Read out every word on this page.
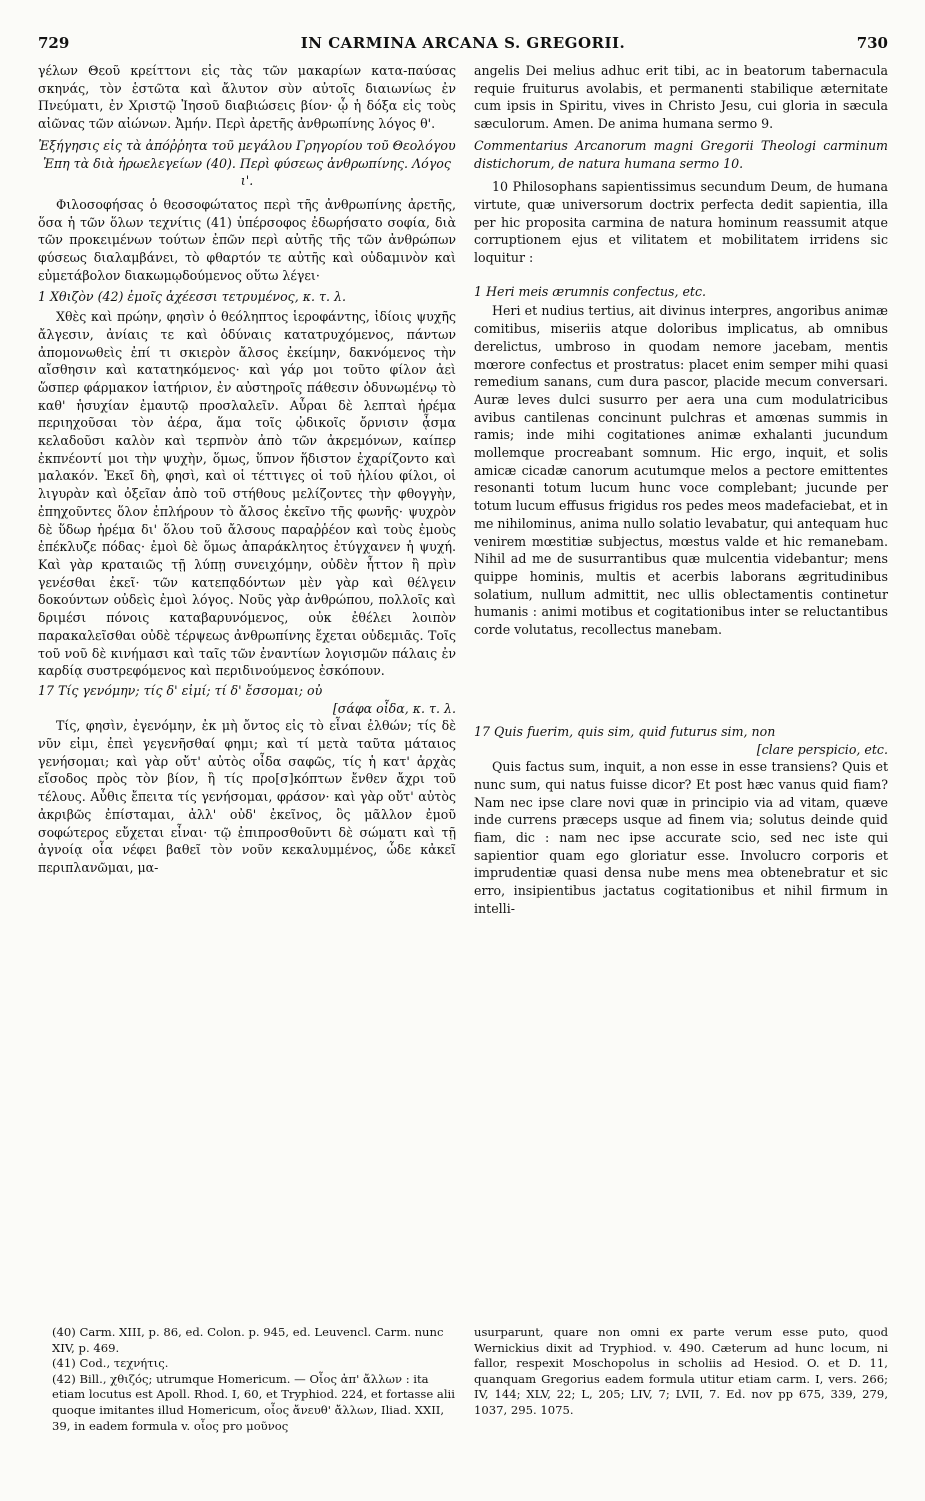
IN CARMINA ARCANA S. GREGORII.
729	730

γέλων Θεοῦ κρείττονι εἰς τὰς τῶν μακαρίων κατα-παύσας σκηνάς, τὸν ἑστῶτα καὶ ἄλυτον σὺν αὐτοῖς διαιωνίως ἐν Πνεύματι, ἐν Χριστῷ Ἰησοῦ διαβιώσεις βίον· ᾧ ἡ δόξα εἰς τοὺς αἰῶνας τῶν αἰώνων. Ἀμήν. Περὶ ἀρετῆς ἀνθρωπίνης λόγος θ'.

Ἐξήγησις εἰς τὰ ἀπόῤῥητα τοῦ μεγάλου Γρηγορίου τοῦ Θεολόγου Ἐπη τὰ διὰ ἡρωελεγείων (40). Περὶ φύσεως ἀνθρωπίνης. Λόγος ι'.

Φιλοσοφήσας ὁ θεοσοφώτατος περὶ τῆς ἀνθρωπίνης ἀρετῆς, ὅσα ἡ τῶν ὅλων τεχνίτις (41) ὑπέρσοφος ἐδωρήσατο σοφία, διὰ τῶν προκειμένων τούτων ἐπῶν περὶ αὐτῆς τῆς τῶν ἀνθρώπων φύσεως διαλαμβάνει, τὸ φθαρτόν τε αὐτῆς καὶ οὐδαμινὸν καὶ εὐμετάβολον διακωμῳδούμενος οὕτω λέγει·

1 Χθιζὸν (42) ἐμοῖς ἀχέεσσι τετρυμένος, κ. τ. λ.

Χθὲς καὶ πρώην, φησὶν ὁ θεόληπτος ἱεροφάντης, ἰδίοις ψυχῆς ἄλγεσιν, ἀνίαις τε καὶ ὀδύναις κατατρυχόμενος, πάντων ἀπομονωθεὶς ἐπί τι σκιερὸν ἄλσος ἐκείμην, δακνόμενος τὴν αἴσθησιν καὶ κατατηκόμενος· καὶ γάρ μοι τοῦτο φίλον ἀεὶ ὥσπερ φάρμακον ἰατήριον, ἐν αὐστηροῖς πάθεσιν ὀδυνωμένῳ τὸ καθ' ἡσυχίαν ἐμαυτῷ προσλαλεῖν. Αὖραι δὲ λεπταὶ ἠρέμα περιηχοῦσαι τὸν ἀέρα, ἅμα τοῖς ᾠδικοῖς ὄρνισιν ᾆσμα κελαδοῦσι καλὸν καὶ τερπνὸν ἀπὸ τῶν ἀκρεμόνων, καίπερ ἐκπνέοντί μοι τὴν ψυχὴν, ὅμως, ὕπνον ἥδιστον ἐχαρίζοντο καὶ μαλακόν. Ἐκεῖ δὴ, φησὶ, καὶ οἱ τέττιγες οἱ τοῦ ἡλίου φίλοι, οἱ λιγυρὰν καὶ ὀξεῖαν ἀπὸ τοῦ στήθους μελίζοντες τὴν φθογγὴν, ἐπηχοῦντες ὅλον ἐπλήρουν τὸ ἄλσος ἐκεῖνο τῆς φωνῆς· ψυχρὸν δὲ ὕδωρ ἠρέμα δι' ὅλου τοῦ ἄλσους παραῤῥέον καὶ τοὺς ἐμοὺς ἐπέκλυζε πόδας· ἐμοὶ δὲ ὅμως ἀπαράκλητος ἐτύγχανεν ἡ ψυχή. Καὶ γὰρ κραταιῶς τῇ λύπῃ συνειχόμην, οὐδὲν ἧττον ἢ πρὶν γενέσθαι ἐκεῖ· τῶν κατεπᾳδόντων μὲν γὰρ καὶ θέλγειν δοκούντων οὐδεὶς ἐμοὶ λόγος. Νοῦς γὰρ ἀνθρώπου, πολλοῖς καὶ δριμέσι πόνοις καταβαρυνόμενος, οὐκ ἐθέλει λοιπὸν παρακαλεῖσθαι οὐδὲ τέρψεως ἀνθρωπίνης ἔχεται οὐδεμιᾶς. Τοῖς τοῦ νοῦ δὲ κινήμασι καὶ ταῖς τῶν ἐναντίων λογισμῶν πάλαις ἐν καρδίᾳ συστρεφόμενος καὶ περιδινούμενος ἐσκόπουν.

17 Τίς γενόμην; τίς δ' εἰμί; τί δ' ἔσσομαι; οὐ

[σάφα οἶδα, κ. τ. λ.

Τίς, φησὶν, ἐγενόμην, ἐκ μὴ ὄντος εἰς τὸ εἶναι ἐλθών; τίς δὲ νῦν εἰμι, ἐπεὶ γεγενῆσθαί φημι; καὶ τί μετὰ ταῦτα μάταιος γενήσομαι; καὶ γὰρ οὔτ' αὐτὸς οἶδα σαφῶς, τίς ἡ κατ' ἀρχὰς εἴσοδος πρὸς τὸν βίον, ἢ τίς προ[σ]κόπτων ἔνθεν ἄχρι τοῦ τέλους. Αὖθις ἔπειτα τίς γενήσομαι, φράσον· καὶ γὰρ οὔτ' αὐτὸς ἀκριβῶς ἐπίσταμαι, ἀλλ' οὐδ' ἐκεῖνος, ὃς μᾶλλον ἐμοῦ σοφώτερος εὔχεται εἶναι· τῷ ἐπιπροσθοῦντι δὲ σώματι καὶ τῇ ἀγνοίᾳ οἷα νέφει βαθεῖ τὸν νοῦν κεκαλυμμένος, ὧδε κἀκεῖ περιπλανῶμαι, μα-

angelis Dei melius adhuc erit tibi, ac in beatorum tabernacula requie fruiturus avolabis, et permanenti stabilique æternitate cum ipsis in Spiritu, vives in Christo Jesu, cui gloria in sæcula sæculorum. Amen. De anima humana sermo 9.

Commentarius Arcanorum magni Gregorii Theologi carminum distichorum, de natura humana sermo 10.

10 Philosophans sapientissimus secundum Deum, de humana virtute, quæ universorum doctrix perfecta dedit sapientia, illa per hic proposita carmina de natura hominum reassumit atque corruptionem ejus et vilitatem et mobilitatem irridens sic loquitur :

1 Heri meis ærumnis confectus, etc.

Heri et nudius tertius, ait divinus interpres, angoribus animæ comitibus, miseriis atque doloribus implicatus, ab omnibus derelictus, umbroso in quodam nemore jacebam, mentis mœrore confectus et prostratus: placet enim semper mihi quasi remedium sanans, cum dura pascor, placide mecum conversari. Auræ leves dulci susurro per aera una cum modulatricibus avibus cantilenas concinunt pulchras et amœnas summis in ramis; inde mihi cogitationes animæ exhalanti jucundum mollemque procreabant somnum. Hic ergo, inquit, et solis amicæ cicadæ canorum acutumque melos a pectore emittentes resonanti totum lucum hunc voce complebant; jucunde per totum lucum effusus frigidus ros pedes meos madefaciebat, et in me nihilominus, anima nullo solatio levabatur, qui antequam huc venirem mœstitiæ subjectus, mœstus valde et hic remanebam. Nihil ad me de susurrantibus quæ mulcentia videbantur; mens quippe hominis, multis et acerbis laborans ægritudinibus solatium, nullum admittit, nec ullis oblectamentis continetur humanis : animi motibus et cogitationibus inter se reluctantibus corde volutatus, recollectus manebam.

17 Quis fuerim, quis sim, quid futurus sim, non

[clare perspicio, etc.

Quis factus sum, inquit, a non esse in esse transiens? Quis et nunc sum, qui natus fuisse dicor? Et post hæc vanus quid fiam? Nam nec ipse clare novi quæ in principio via ad vitam, quæve inde currens præceps usque ad finem via; solutus deinde quid fiam, dic : nam nec ipse accurate scio, sed nec iste qui sapientior quam ego gloriatur esse. Involucro corporis et imprudentiæ quasi densa nube mens mea obtenebratur et sic erro, insipientibus jactatus cogitationibus et nihil firmum in intelli-

(40) Carm. XIII, p. 86, ed. Colon. p. 945, ed. Leuvencl. Carm. nunc XIV, p. 469.

(41) Cod., τεχνήτις.

(42) Bill., χθιζός; utrumque Homericum. — Οἶος ἀπ' ἄλλων : ita etiam locutus est Apoll. Rhod. I, 60, et Tryphiod. 224, et fortasse alii quoque imitantes illud Homericum, οἶος ἄνευθ' ἄλλων, Iliad. XXII, 39, in eadem formula v. οἶος pro μοῦνος

usurparunt, quare non omni ex parte verum esse puto, quod Wernickius dixit ad Tryphiod. v. 490. Cæterum ad hunc locum, ni fallor, respexit Moschopolus in scholiis ad Hesiod. O. et D. 11, quanquam Gregorius eadem formula utitur etiam carm. I, vers. 266; IV, 144; XLV, 22; L, 205; LIV, 7; LVII, 7. Ed. nov pp 675, 339, 279, 1037, 295. 1075.
